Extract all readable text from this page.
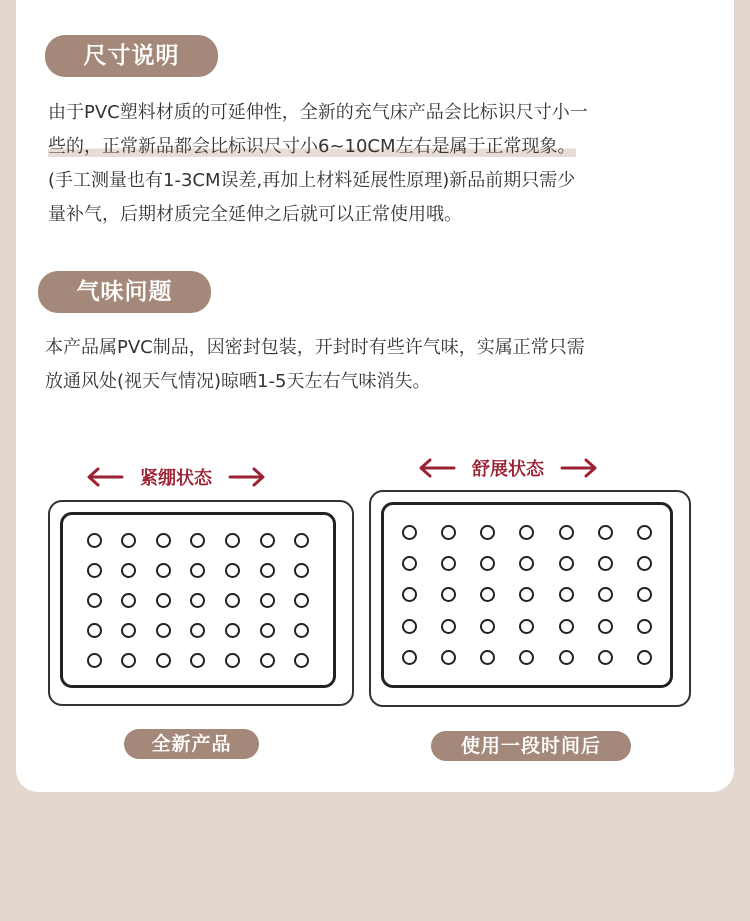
尺寸说明
由于PVC塑料材质的可延伸性，全新的充气床产品会比标识尺寸小一
些的，正常新品都会比标识尺寸小6~10CM左右是属于正常现象。
(手工测量也有1-3CM误差,再加上材料延展性原理)新品前期只需少
量补气，后期材质完全延伸之后就可以正常使用哦。
气味问题
本产品属PVC制品，因密封包装，开封时有些许气味，实属正常只需
放通风处(视天气情况)晾晒1-5天左右气味消失。
紧绷状态	舒展状态
全新产品	使用一段时间后
